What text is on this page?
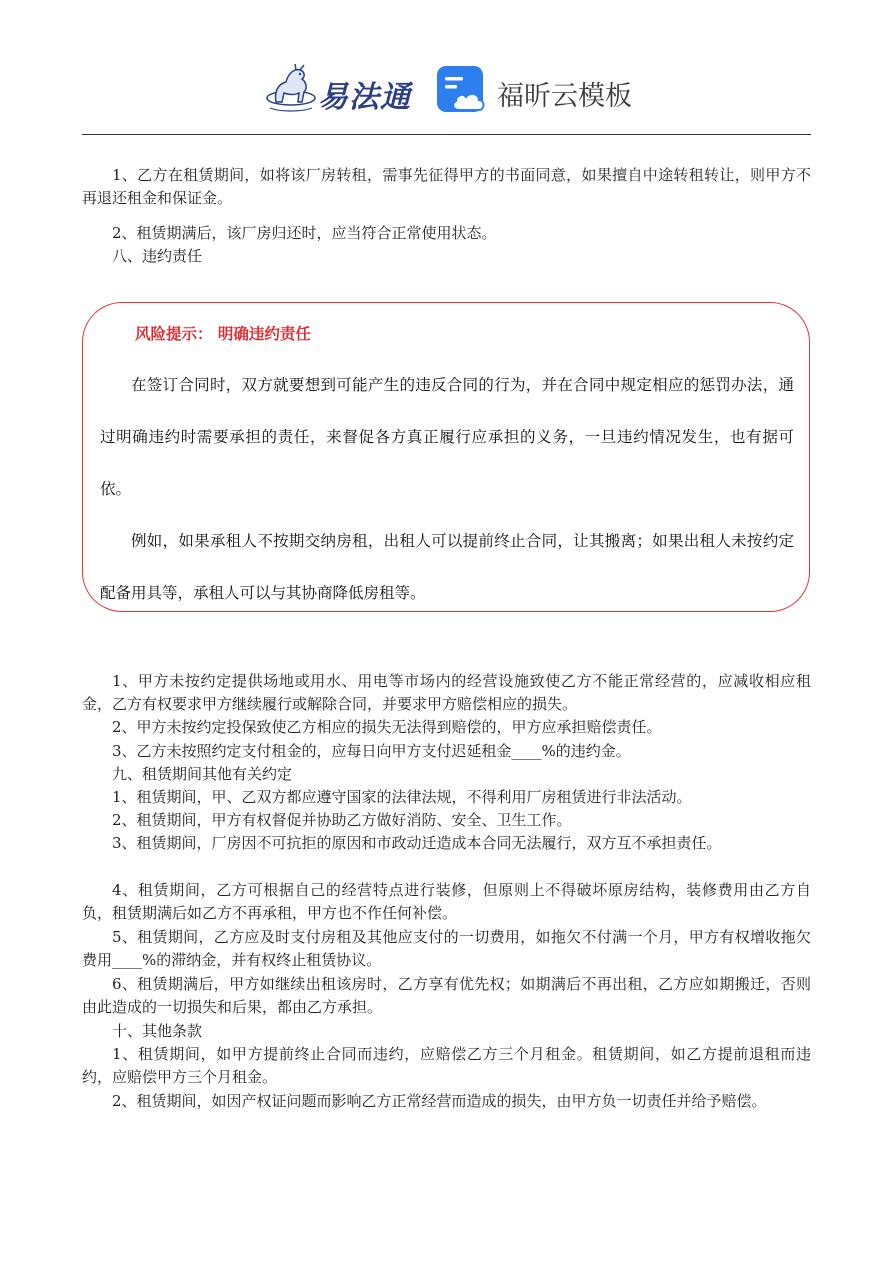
易法通	福昕云模板

1、乙方在租赁期间，如将该厂房转租，需事先征得甲方的书面同意，如果擅自中途转租转让，则甲方不再退还租金和保证金。

2、租赁期满后，该厂房归还时，应当符合正常使用状态。

八、违约责任

风险提示： 明确违约责任
在签订合同时，双方就要想到可能产生的违反合同的行为，并在合同中规定相应的惩罚办法，通过明确违约时需要承担的责任，来督促各方真正履行应承担的义务，一旦违约情况发生，也有据可依。
例如，如果承租人不按期交纳房租，出租人可以提前终止合同，让其搬离；如果出租人未按约定配备用具等，承租人可以与其协商降低房租等。

1、甲方未按约定提供场地或用水、用电等市场内的经营设施致使乙方不能正常经营的，应减收相应租金，乙方有权要求甲方继续履行或解除合同，并要求甲方赔偿相应的损失。

2、甲方未按约定投保致使乙方相应的损失无法得到赔偿的，甲方应承担赔偿责任。

3、乙方未按照约定支付租金的，应每日向甲方支付迟延租金____%的违约金。

九、租赁期间其他有关约定

1、租赁期间，甲、乙双方都应遵守国家的法律法规，不得利用厂房租赁进行非法活动。

2、租赁期间，甲方有权督促并协助乙方做好消防、安全、卫生工作。

3、租赁期间，厂房因不可抗拒的原因和市政动迁造成本合同无法履行，双方互不承担责任。

4、租赁期间，乙方可根据自己的经营特点进行装修，但原则上不得破坏原房结构，装修费用由乙方自负，租赁期满后如乙方不再承租，甲方也不作任何补偿。

5、租赁期间，乙方应及时支付房租及其他应支付的一切费用，如拖欠不付满一个月，甲方有权增收拖欠费用____%的滞纳金，并有权终止租赁协议。

6、租赁期满后，甲方如继续出租该房时，乙方享有优先权；如期满后不再出租，乙方应如期搬迁，否则由此造成的一切损失和后果，都由乙方承担。

十、其他条款

1、租赁期间，如甲方提前终止合同而违约，应赔偿乙方三个月租金。租赁期间，如乙方提前退租而违约，应赔偿甲方三个月租金。

2、租赁期间，如因产权证问题而影响乙方正常经营而造成的损失，由甲方负一切责任并给予赔偿。
